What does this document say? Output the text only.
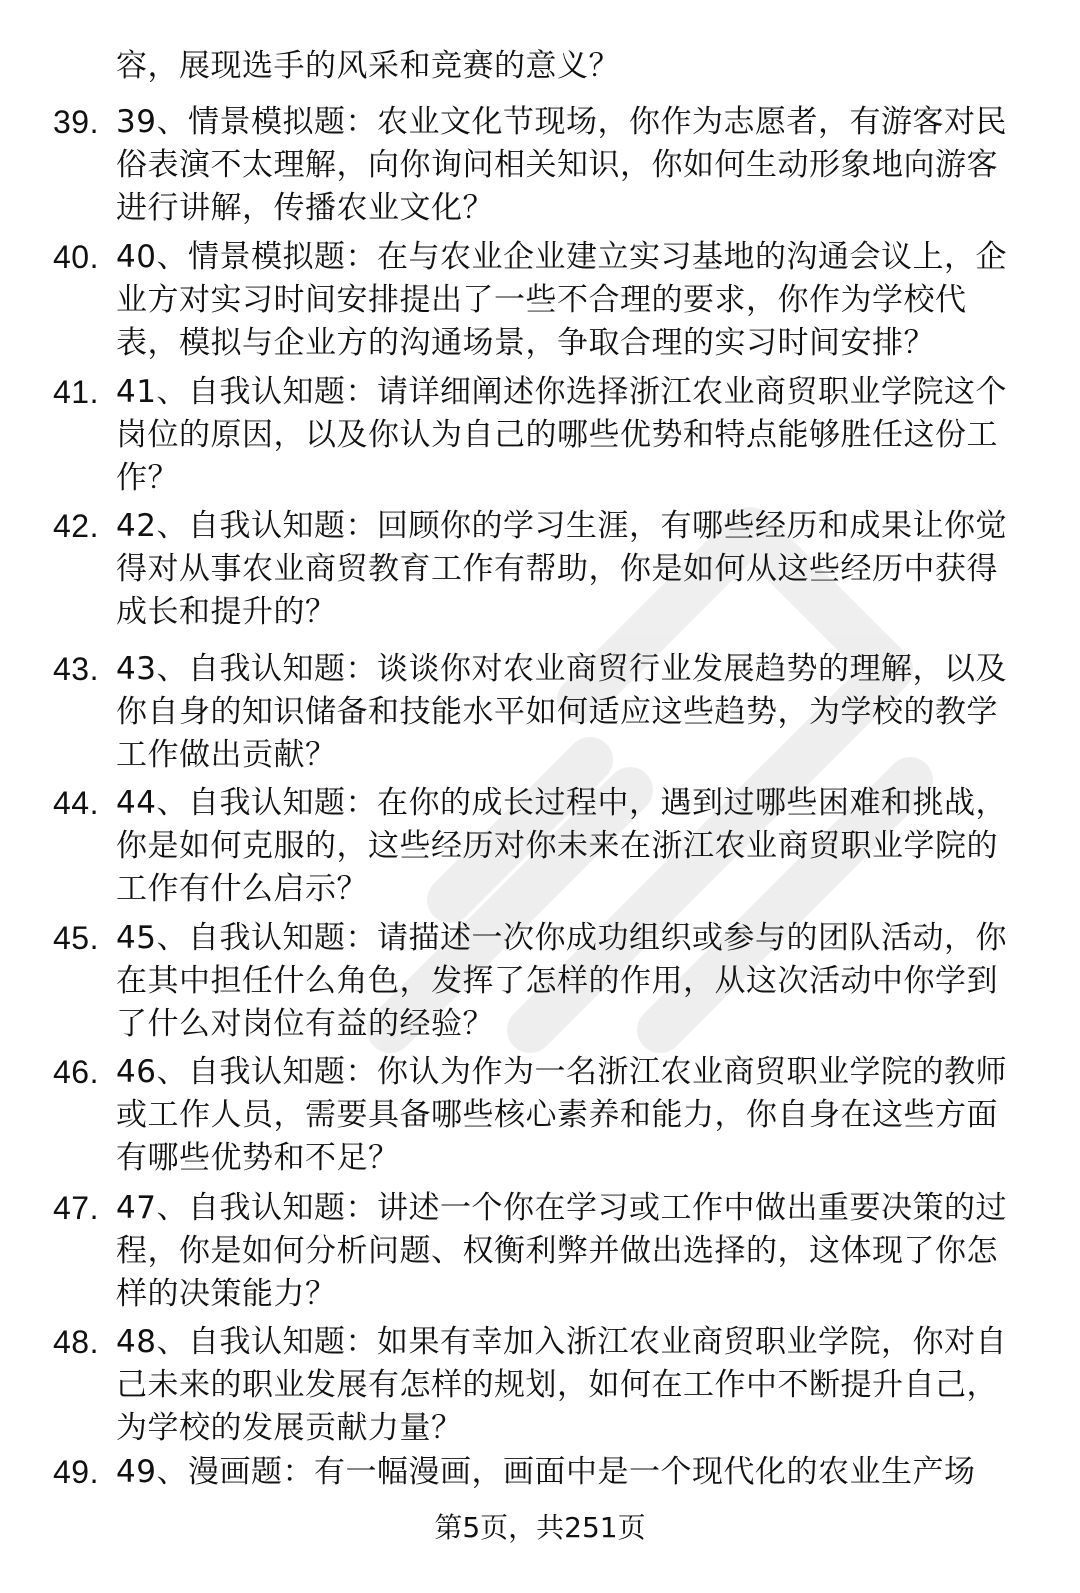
容，展现选手的风采和竞赛的意义？
39. 39、情景模拟题：农业文化节现场，你作为志愿者，有游客对民
俗表演不太理解，向你询问相关知识，你如何生动形象地向游客
进行讲解，传播农业文化？
40. 40、情景模拟题：在与农业企业建立实习基地的沟通会议上，企
业方对实习时间安排提出了一些不合理的要求，你作为学校代
表，模拟与企业方的沟通场景，争取合理的实习时间安排？
41. 41、自我认知题：请详细阐述你选择浙江农业商贸职业学院这个
岗位的原因，以及你认为自己的哪些优势和特点能够胜任这份工
作？
42. 42、自我认知题：回顾你的学习生涯，有哪些经历和成果让你觉
得对从事农业商贸教育工作有帮助，你是如何从这些经历中获得
成长和提升的？
43. 43、自我认知题：谈谈你对农业商贸行业发展趋势的理解，以及
你自身的知识储备和技能水平如何适应这些趋势，为学校的教学
工作做出贡献？
44. 44、自我认知题：在你的成长过程中，遇到过哪些困难和挑战，
你是如何克服的，这些经历对你未来在浙江农业商贸职业学院的
工作有什么启示？
45. 45、自我认知题：请描述一次你成功组织或参与的团队活动，你
在其中担任什么角色，发挥了怎样的作用，从这次活动中你学到
了什么对岗位有益的经验？
46. 46、自我认知题：你认为作为一名浙江农业商贸职业学院的教师
或工作人员，需要具备哪些核心素养和能力，你自身在这些方面
有哪些优势和不足？
47. 47、自我认知题：讲述一个你在学习或工作中做出重要决策的过
程，你是如何分析问题、权衡利弊并做出选择的，这体现了你怎
样的决策能力？
48. 48、自我认知题：如果有幸加入浙江农业商贸职业学院，你对自
己未来的职业发展有怎样的规划，如何在工作中不断提升自己，
为学校的发展贡献力量？
49. 49、漫画题：有一幅漫画，画面中是一个现代化的农业生产场
第5页，共251页
